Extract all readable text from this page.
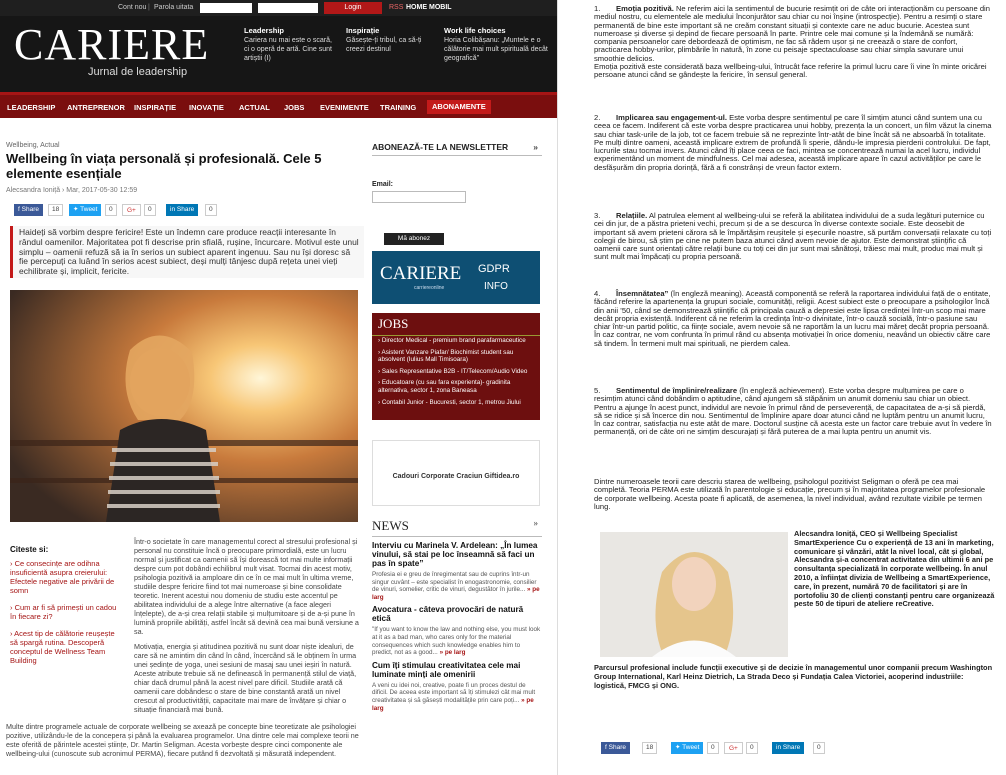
Cont nou | Parola uitata	Login	RSS HOME MOBIL
CARIERE
Jurnal de leadership
Leadership
Cariera nu mai este o scară, ci o operă de artă. Cine sunt artiștii (I)
Inspirație
Găsește-ți tribul, ca să-ți creezi destinul
Work life choices
Horia Colibășanu: „Muntele e o călătorie mai mult spirituală decât geografică”
LEADERSHIP ANTREPRENOR INSPIRAȚIE INOVAȚIE ACTUAL JOBS EVENIMENTE TRAINING	ABONAMENTE
Wellbeing, Actual
Wellbeing în viața personală și profesională. Cele 5 elemente esențiale
Alecsandra Ioniță › Mar, 2017-05-30 12:59
f Share	18	✦ Tweet	0	G+	0	in Share	0
Haideți să vorbim despre fericire! Este un îndemn care produce reacții interesante în rândul oamenilor. Majoritatea pot fi descrise prin sfială, rușine, încurcare. Motivul este unul simplu – oamenii refuză să ia în serios un subiect aparent ingenuu. Sau nu își doresc să fie percepuți ca luând în serios acest subiect, deși mulți tânjesc după rețeta unei vieți echilibrate și, implicit, fericite.
Citeste si:
› Ce consecințe are odihna insuficientă asupra creierului: Efectele negative ale privării de somn
› Cum ar fi să primești un cadou în fiecare zi?
› Acest tip de călătorie reușește să spargă rutina. Descoperă conceptul de Wellness Team Building

Într-o societate în care managementul corect al stresului profesional și personal nu constituie încă o preocupare primordială, este un lucru normal și justificat ca oamenii să își dorească tot mai multe informații despre cum pot dobândi echilibrul mult visat. Tocmai din acest motiv, psihologia pozitivă ia amploare din ce în ce mai mult în ultima vreme, studiile despre fericire fiind tot mai numeroase și bine consolidate teoretic. Inerent acestui nou domeniu de studiu este accentul pe abilitatea individului de a alege între alternative (a face alegeri înțelepte), de a-și crea relații stabile și mulțumitoare și de a-și pune în lumină propriile abilități, astfel încât să devină cea mai bună versiune a sa.

Motivația, energia și atitudinea pozitivă nu sunt doar niște idealuri, de care să ne amintim din când în când, încercând să le obținem în urma unei ședințe de yoga, unei sesiuni de masaj sau unei ieșiri în natură. Aceste atribute trebuie să ne definească în permanență stilul de viață, chiar dacă drumul până la acest nivel pare dificil. Studiile arată că oamenii care dobândesc o stare de bine constantă arată un nivel crescut al productivității, capacitate mai mare de învățare și chiar o situație financiară mai bună.

Multe dintre programele actuale de corporate wellbeing se axează pe concepte bine teoretizate ale psihologiei pozitive, utilizându-le de la concepera și până la evaluarea programelor. Una dintre cele mai complexe teorii ne este oferită de părintele acestei științe, Dr. Martin Seligman. Acesta vorbește despre cinci componente ale wellbeing-ului (cunoscute sub acronimul PERMA), fiecare putând fi dezvoltată și măsurată independent.
ABONEAZĂ-TE LA NEWSLETTER	»
Email:
Mă abonez
CARIERE
carriereonline
GDPR
INFO
JOBS
› Director Medical - premium brand parafarmaceutice
› Asistent Vanzare Piafar/ Biochimist student sau absolvent (Iulius Mall Timisoara)
› Sales Representative B2B - IT/Telecom/Audio Video
› Educatoare (cu sau fara experienta)- gradinita alternativa, sector 1, zona Baneasa
› Contabil Junior - Bucuresti, sector 1, metrou Jiului
Cadouri Corporate Craciun Giftidea.ro
NEWS	»
Interviu cu Marinela V. Ardelean: „În lumea vinului, să stai pe loc înseamnă să faci un pas în spate”

Profesia ei e greu de înregimentat sau de cuprins într-un singur cuvânt – este specialist în enogastronomie, consilier de vinuri, somelier, critic de vinuri, degustător în jurile... » pe larg

Avocatura - câteva provocări de natură etică

"If you want to know the law and nothing else, you must look at it as a bad man, who cares only for the material consequences which such knowledge enables him to predict, not as a good... » pe larg

Cum îți stimulau creativitatea cele mai luminate minți ale omenirii

A veni cu idei noi, creative, poate fi un proces destul de dificil. De aceea este important să îți stimulezi cât mai mult creativitatea și să găsești modalitățile prin care poți... » pe larg

1. Emoția pozitivă. Ne referim aici la sentimentul de bucurie resimțit ori de câte ori interacționăm cu persoane din mediul nostru, cu elementele ale mediului înconjurător sau chiar cu noi înșine (introspecție). Pentru a resimți o stare permanentă de bine este important să ne creăm constant situații și contexte care ne aduc bucurie. Acestea sunt numeroase și diverse și depind de fiecare persoană în parte. Printre cele mai comune și la îndemână se numără: compania persoanelor care debordează de optimism, ne fac să râdem ușor și ne creează o stare de confort, practicarea hobby-urilor, plimbările în natură, în zone cu peisaje spectaculoase sau chiar simpla savurare unui smoothie delicios.
Emoția pozitivă este considerată baza wellbeing-ului, întrucât face referire la primul lucru care îi vine în minte oricărei persoane atunci când se gândește la fericire, în sensul general.
2. Implicarea sau engagement-ul. Este vorba despre sentimentul pe care îl simțim atunci când suntem una cu ceea ce facem. Indiferent că este vorba despre practicarea unui hobby, prezența la un concert, un film văzut la cinema sau chiar task-urile de la job, tot ce facem trebuie să ne reprezinte într-atât de bine încât să ne absoarbă în totalitate. Pe mulți dintre oameni, această implicare extrem de profundă îi sperie, dându-le impresia pierderii controlului. De fapt, lucrurile stau tocmai invers. Atunci când îți place ceea ce faci, mintea se concentrează numai la acel lucru, individul experimentând un moment de mindfulness. Cel mai adesea, această implicare apare în cazul activităților pe care le desfășurăm din propria dorință, fără a fi constrânși de vreun factor extern.
3. Relațiile. Al patrulea element al wellbeing-ului se referă la abilitatea individului de a suda legături puternice cu cei din jur, de a păstra prieteni vechi, precum și de a se descurca în diverse contexte sociale. Este deosebit de important să avem prieteni cărora să le împărtășim reușitele și eșecurile noastre, să purtăm conversații relaxate cu toți colegii de birou, să știm pe cine ne putem baza atunci când avem nevoie de ajutor. Este demonstrat științific că oamenii care sunt orientați către relații bune cu toți cei din jur sunt mai sănătoși, trăiesc mai mult, produc mai mult și sunt mult mai împăcați cu propria persoană.
4. Însemnătatea” (în engleză meaning). Această componentă se referă la raportarea individului față de o entitate, făcând referire la apartenența la grupuri sociale, comunități, religii. Acest subiect este o preocupare a psihologilor încă din anii ’50, când se demonstrează științific că principala cauză a depresiei este lipsa credinței într-un scop mai mare decât propria existență. Indiferent că ne referim la credința într-o divinitate, într-o cauză socială, într-o pasiune sau chiar într-un partid politic, ca ființe sociale, avem nevoie să ne raportăm la un lucru mai măreț decât propria persoană. În caz contrar, ne vom confrunta în primul rând cu absența motivației în orice domeniu, neavând un obiectiv către care să tindem. În termeni mult mai spirituali, ne pierdem calea.
5. Sentimentul de împlinire/realizare (în engleză achievement). Este vorba despre mulțumirea pe care o resimțim atunci când dobândim o aptitudine, când ajungem să stăpânim un anumit domeniu sau chiar un obiect. Pentru a ajunge în acest punct, individul are nevoie în primul rând de perseverență, de capacitatea de a-și să pierdă, să se ridice și să încerce din nou. Sentimentul de împlinire apare doar atunci când ne luptăm pentru un anumit lucru, în caz contrar, satisfacția nu este atât de mare. Doctorul susține că acesta este un factor care trebuie avut în vedere în permanență, ori de câte ori ne simțim descurajați și fără puterea de a mai lupta pentru un anumit vis.
Dintre numeroasele teorii care descriu starea de wellbeing, psihologul pozitivist Seligman o oferă pe cea mai completă. Teoria PERMA este utilizată în parentologie și educație, precum și în majoritatea programelor profesionale de corporate wellbeing. Acesta poate fi aplicată, de asemenea, la nivel individual, având rezultate vizibile pe termen lung.
Alecsandra Ioniță, CEO și Wellbeing Specialist SmartExperience Cu o experiență de 13 ani în marketing, comunicare și vânzări, atât la nivel local, cât și global, Alecsandra și-a concentrat activitatea din ultimii 6 ani pe consultanța specializată în corporate wellbeing. În anul 2010, a înființat divizia de Wellbeing a SmartExperience, care, în prezent, numără 70 de facilitatori și are în portofoliu 30 de clienți constanți pentru care organizează peste 50 de tipuri de ateliere reCreative.
Parcursul profesional include funcții executive și de decizie în managementul unor companii precum Washington Group International, Karl Heinz Dietrich, La Strada Deco și Fundația Calea Victoriei, acoperind industriile: logistică, FMCG și ONG.
f Share	18	✦ Tweet	0	G+	0	in Share	0
